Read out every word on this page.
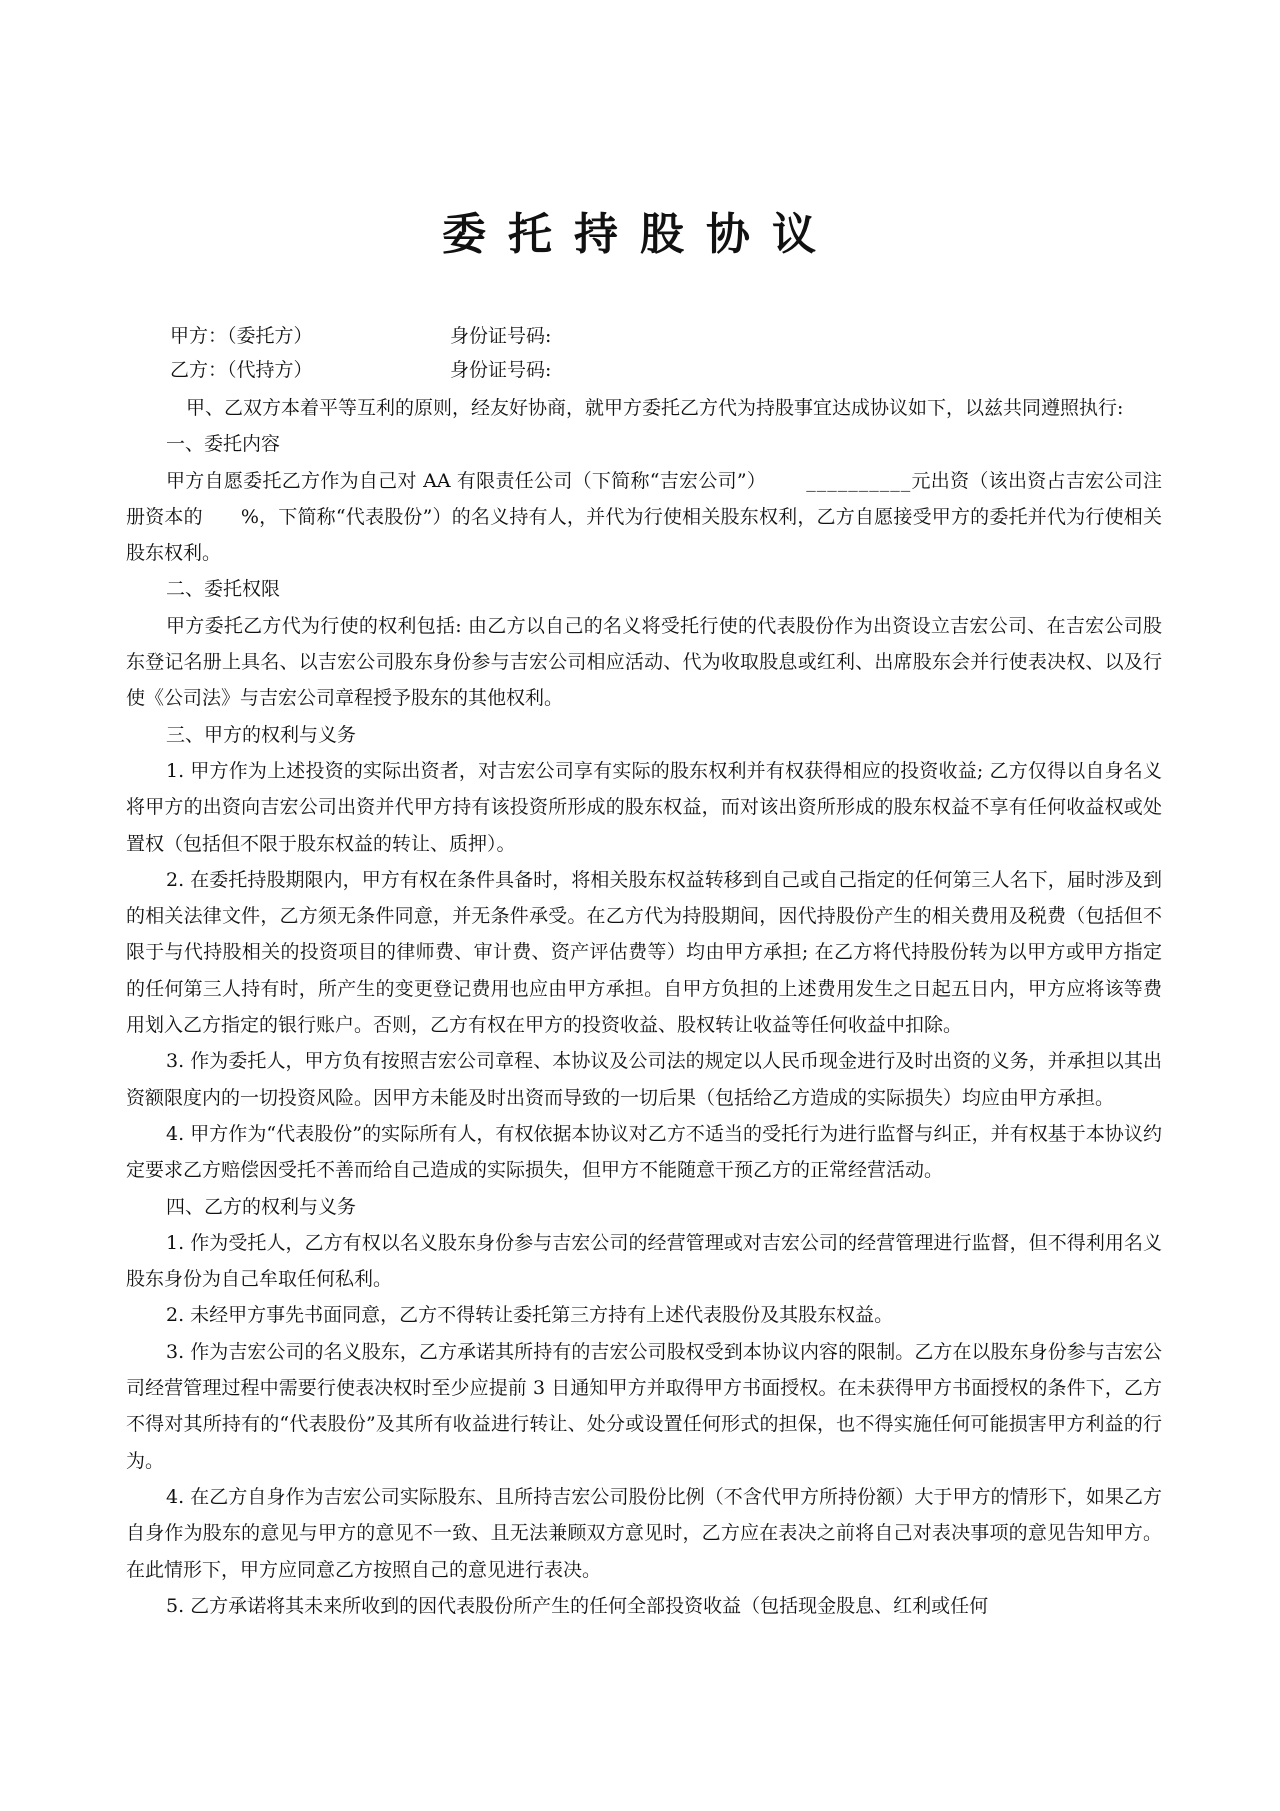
委托持股协议
甲方：（委托方）	身份证号码:
乙方：（代持方）	身份证号码:

甲、乙双方本着平等互利的原则，经友好协商，就甲方委托乙方代为持股事宜达成协议如下，以兹共同遵照执行:

一、委托内容

甲方自愿委托乙方作为自己对 AA 有限责任公司（下简称“吉宏公司”） __________元出资（该出资占吉宏公司注册资本的 %，下简称“代表股份”）的名义持有人，并代为行使相关股东权利，乙方自愿接受甲方的委托并代为行使相关股东权利。

二、委托权限

甲方委托乙方代为行使的权利包括: 由乙方以自己的名义将受托行使的代表股份作为出资设立吉宏公司、在吉宏公司股东登记名册上具名、以吉宏公司股东身份参与吉宏公司相应活动、代为收取股息或红利、出席股东会并行使表决权、以及行使《公司法》与吉宏公司章程授予股东的其他权利。

三、甲方的权利与义务

1. 甲方作为上述投资的实际出资者，对吉宏公司享有实际的股东权利并有权获得相应的投资收益; 乙方仅得以自身名义将甲方的出资向吉宏公司出资并代甲方持有该投资所形成的股东权益，而对该出资所形成的股东权益不享有任何收益权或处置权（包括但不限于股东权益的转让、质押）。

2. 在委托持股期限内，甲方有权在条件具备时，将相关股东权益转移到自己或自己指定的任何第三人名下，届时涉及到的相关法律文件，乙方须无条件同意，并无条件承受。在乙方代为持股期间，因代持股份产生的相关费用及税费（包括但不限于与代持股相关的投资项目的律师费、审计费、资产评估费等）均由甲方承担; 在乙方将代持股份转为以甲方或甲方指定的任何第三人持有时，所产生的变更登记费用也应由甲方承担。自甲方负担的上述费用发生之日起五日内，甲方应将该等费用划入乙方指定的银行账户。否则，乙方有权在甲方的投资收益、股权转让收益等任何收益中扣除。

3. 作为委托人，甲方负有按照吉宏公司章程、本协议及公司法的规定以人民币现金进行及时出资的义务，并承担以其出资额限度内的一切投资风险。因甲方未能及时出资而导致的一切后果（包括给乙方造成的实际损失）均应由甲方承担。

4. 甲方作为“代表股份”的实际所有人，有权依据本协议对乙方不适当的受托行为进行监督与纠正，并有权基于本协议约定要求乙方赔偿因受托不善而给自己造成的实际损失，但甲方不能随意干预乙方的正常经营活动。

四、乙方的权利与义务

1. 作为受托人，乙方有权以名义股东身份参与吉宏公司的经营管理或对吉宏公司的经营管理进行监督，但不得利用名义股东身份为自己牟取任何私利。

2. 未经甲方事先书面同意，乙方不得转让委托第三方持有上述代表股份及其股东权益。

3. 作为吉宏公司的名义股东，乙方承诺其所持有的吉宏公司股权受到本协议内容的限制。乙方在以股东身份参与吉宏公司经营管理过程中需要行使表决权时至少应提前 3 日通知甲方并取得甲方书面授权。在未获得甲方书面授权的条件下，乙方不得对其所持有的“代表股份”及其所有收益进行转让、处分或设置任何形式的担保，也不得实施任何可能损害甲方利益的行为。

4. 在乙方自身作为吉宏公司实际股东、且所持吉宏公司股份比例（不含代甲方所持份额）大于甲方的情形下，如果乙方自身作为股东的意见与甲方的意见不一致、且无法兼顾双方意见时，乙方应在表决之前将自己对表决事项的意见告知甲方。在此情形下，甲方应同意乙方按照自己的意见进行表决。

5. 乙方承诺将其未来所收到的因代表股份所产生的任何全部投资收益（包括现金股息、红利或任何
